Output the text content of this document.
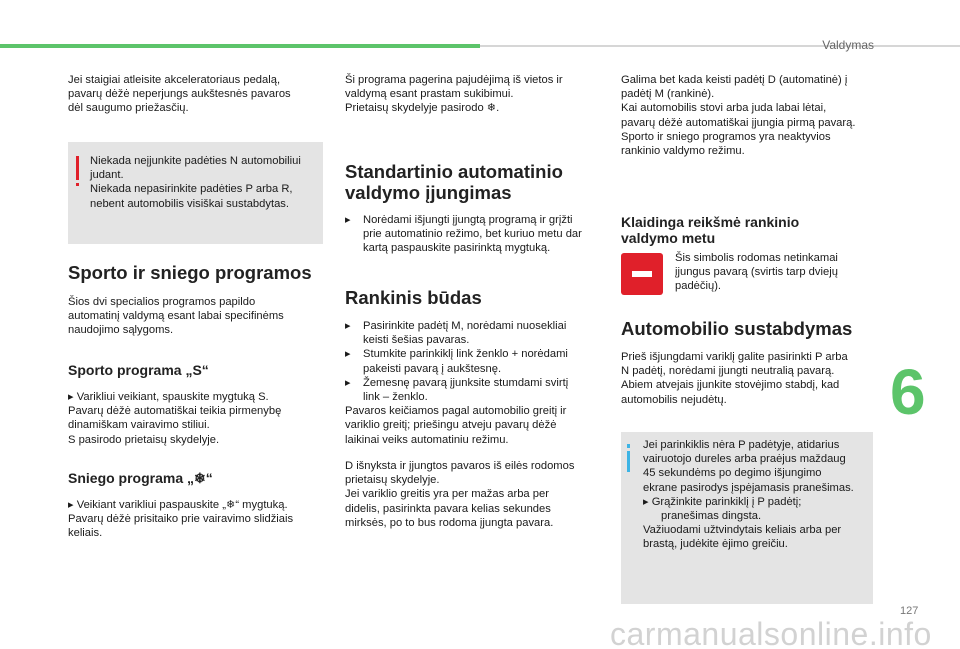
Valdymas
6
127
carmanualsonline.info
Jei staigiai atleisite akceleratoriaus pedalą,
pavarų dėžė neperjungs aukštesnės pavaros
dėl saugumo priežasčių.
Niekada neįjunkite padėties N automobiliui
judant.
Niekada nepasirinkite padėties P arba R,
nebent automobilis visiškai sustabdytas.
Sporto ir sniego programos
Šios dvi specialios programos papildo
automatinį valdymą esant labai specifinėms
naudojimo sąlygoms.
Sporto programa „S“
▸ Varikliui veikiant, spauskite mygtuką S.
Pavarų dėžė automatiškai teikia pirmenybę
dinamiškam vairavimo stiliui.
S pasirodo prietaisų skydelyje.
Sniego programa „❄“
▸ Veikiant varikliui paspauskite „❄“ mygtuką.
Pavarų dėžė prisitaiko prie vairavimo slidžiais
keliais.
Ši programa pagerina pajudėjimą iš vietos ir
valdymą esant prastam sukibimui.
Prietaisų skydelyje pasirodo ❄.
Standartinio automatinio
valdymo įjungimas
▸ Norėdami išjungti įjungtą programą ir grįžti
prie automatinio režimo, bet kuriuo metu dar
kartą paspauskite pasirinktą mygtuką.
Rankinis būdas
▸ Pasirinkite padėtį M, norėdami nuosekliai
keisti šešias pavaras.
▸ Stumkite parinkiklį link ženklo + norėdami
pakeisti pavarą į aukštesnę.
▸ Žemesnę pavarą įjunksite stumdami svirtį
link – ženklo.
Pavaros keičiamos pagal automobilio greitį ir
variklio greitį; priešingu atveju pavarų dėžė
laikinai veiks automatiniu režimu.
D išnyksta ir įjungtos pavaros iš eilės rodomos
prietaisų skydelyje.
Jei variklio greitis yra per mažas arba per
didelis, pasirinkta pavara kelias sekundes
mirksės, po to bus rodoma įjungta pavara.
Galima bet kada keisti padėtį D (automatinė) į
padėtį M (rankinė).
Kai automobilis stovi arba juda labai lėtai,
pavarų dėžė automatiškai įjungia pirmą pavarą.
Sporto ir sniego programos yra neaktyvios
rankinio valdymo režimu.
Klaidinga reikšmė rankinio
valdymo metu
Šis simbolis rodomas netinkamai
įjungus pavarą (svirtis tarp dviejų
padėčių).
Automobilio sustabdymas
Prieš išjungdami variklį galite pasirinkti P arba
N padėtį, norėdami įjungti neutralią pavarą.
Abiem atvejais įjunkite stovėjimo stabdį, kad
automobilis nejudėtų.
Jei parinkiklis nėra P padėtyje, atidarius
vairuotojo dureles arba praėjus maždaug
45 sekundėms po degimo išjungimo
ekrane pasirodys įspėjamasis pranešimas.
▸ Grąžinkite parinkiklį į P padėtį;
pranešimas dingsta.
Važiuodami užtvindytais keliais arba per
brastą, judėkite ėjimo greičiu.
